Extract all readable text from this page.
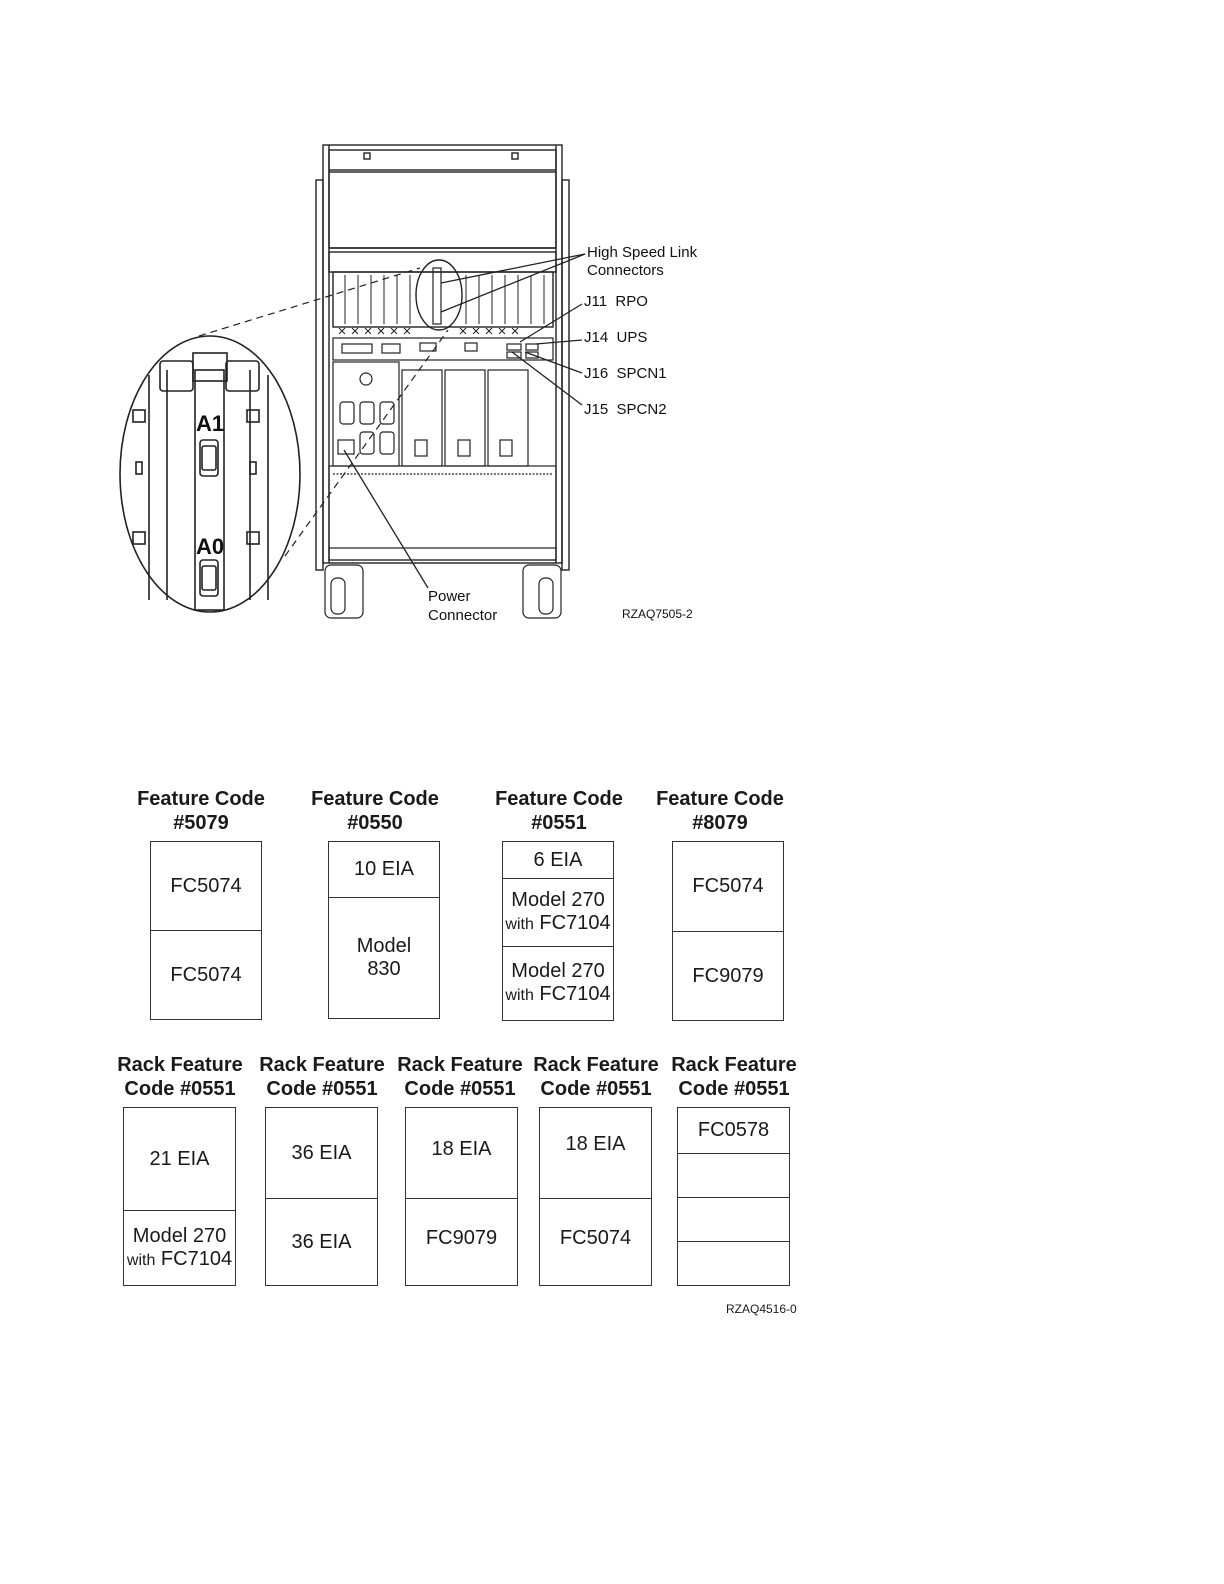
A1
A0
High Speed Link
Connectors
J11  RPO
J14  UPS
J16  SPCN1
J15  SPCN2
Power
Connector	RZAQ7505-2
Feature Code
#5079
FC5074
FC5074
Feature Code
#0550
10 EIA
Model
830
Feature Code
#0551
6 EIA
Model 270
with FC7104
Model 270
with FC7104
Feature Code
#8079
FC5074
FC9079
Rack Feature
Code #0551
21 EIA
Model 270
with FC7104
Rack Feature
Code #0551
36 EIA
36 EIA
Rack Feature
Code #0551
18 EIA
FC9079
Rack Feature
Code #0551
18 EIA
FC5074
Rack Feature
Code #0551
FC0578
RZAQ4516-0
